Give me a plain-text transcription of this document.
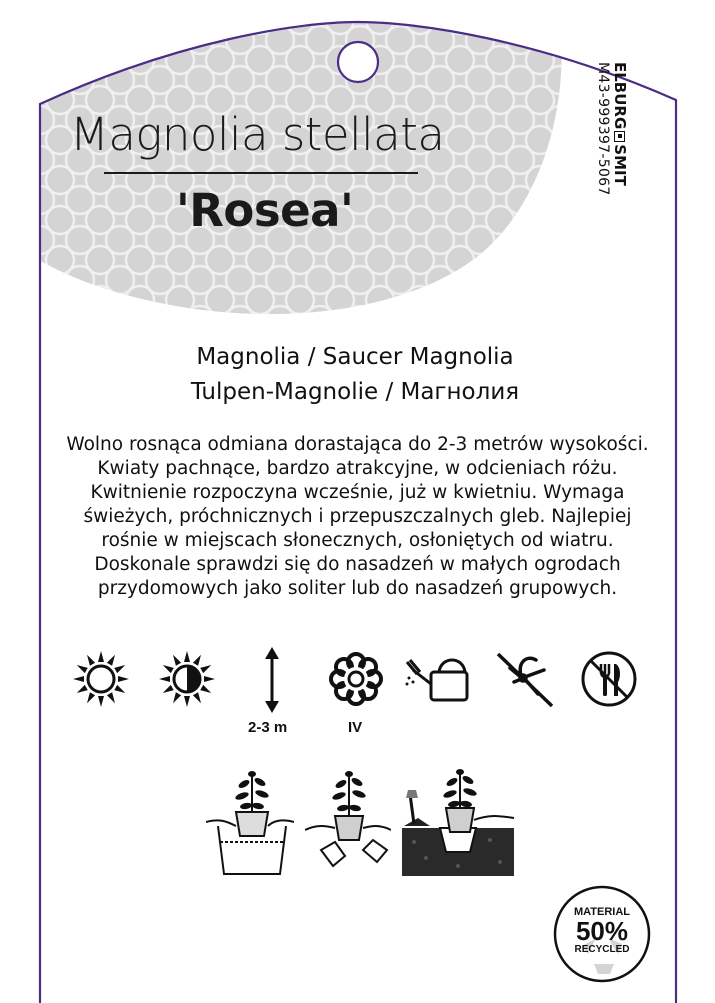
Magnolia stellata
'Rosea'
ELBURGSMIT
M43-999397-5067

Magnolia / Saucer Magnolia

Tulpen-Magnolie / Магнолия

Wolno rosnąca odmiana dorastająca do 2-3 metrów wysokości. Kwiaty pachnące, bardzo atrakcyjne, w odcieniach różu. Kwitnienie rozpoczyna wcześnie, już w kwietniu. Wymaga świeżych, próchnicznych i przepuszczalnych gleb. Najlepiej rośnie w miejscach słonecznych, osłoniętych od wiatru. Doskonale sprawdzi się do nasadzeń w małych ogrodach przydomowych jako soliter lub do nasadzeń grupowych.

2-3 m	IV
MATERIAL
50%
RECYCLED
